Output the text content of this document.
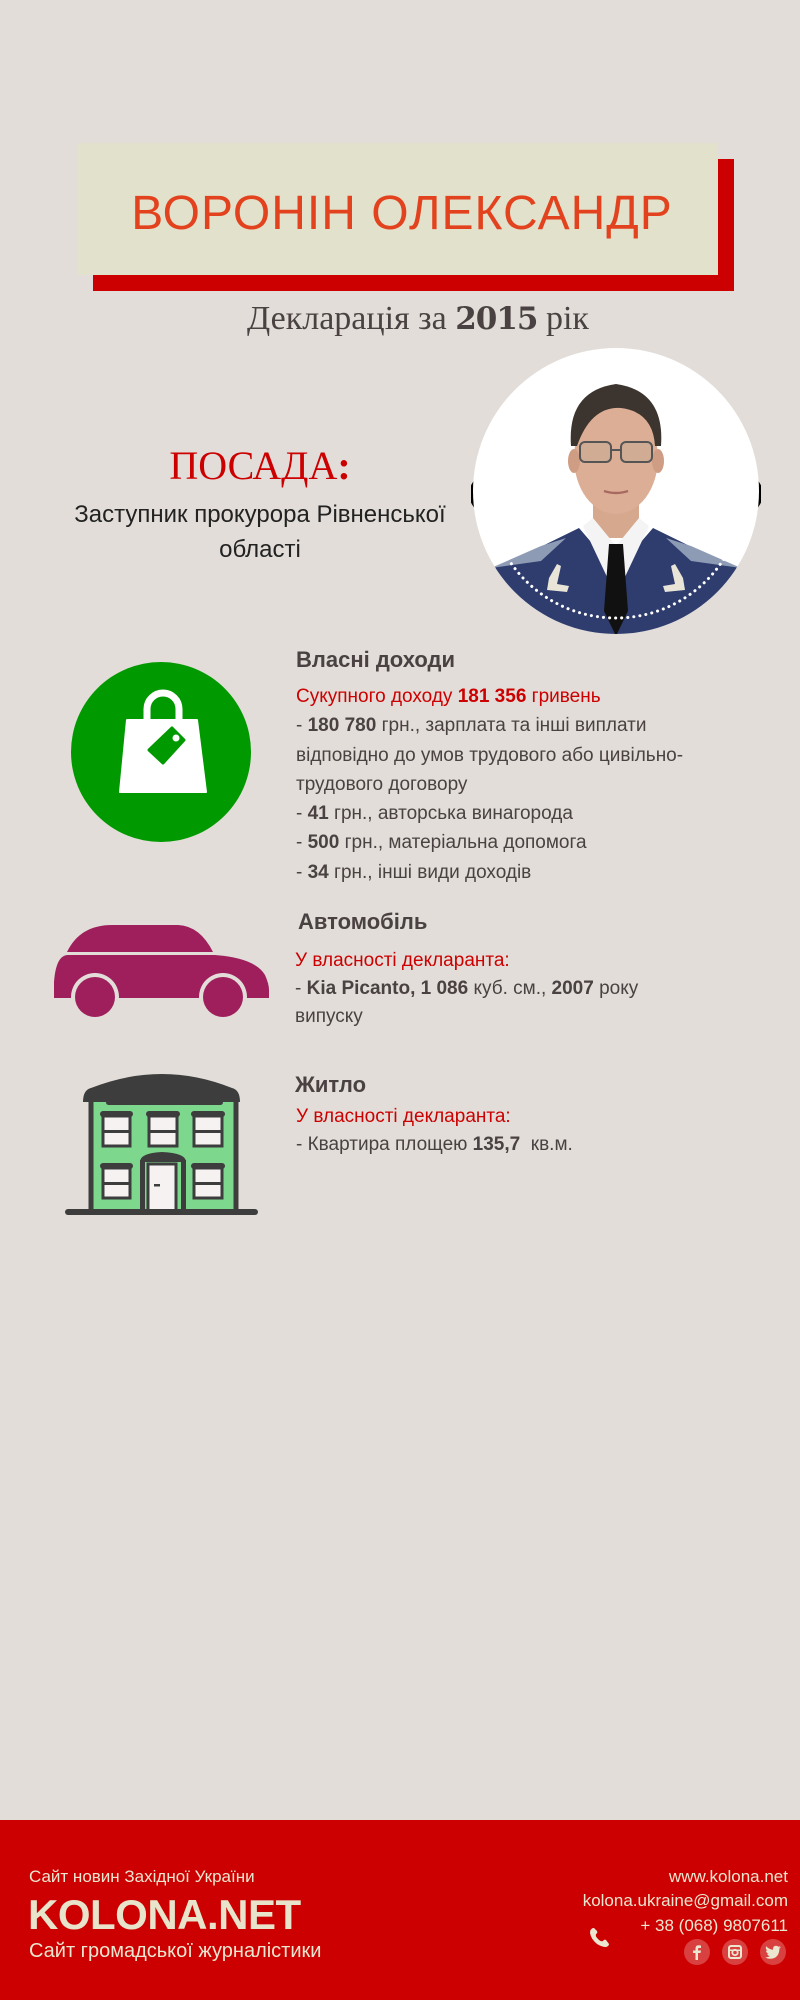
ВОРОНІН ОЛЕКСАНДР
Декларація за 2015 рік
ПОСАДА:
Заступник прокурора Рівненської області
Власні доходи
Сукупного доходу 181 356 гривень
- 180 780 грн., зарплата та інші виплати відповідно до умов трудового або цивільно-трудового договору
- 41 грн., авторська винагорода
- 500 грн., матеріальна допомога
- 34 грн., інші види доходів
Автомобіль
У власності декларанта:
- Kia Picanto, 1 086 куб. см., 2007 року випуску
Житло
У власності декларанта:
- Квартира площею 135,7  кв.м.
Сайт новин Західної України
KOLONA.NET
Сайт громадської журналістики
www.kolona.net
kolona.ukraine@gmail.com
+ 38 (068) 9807611
